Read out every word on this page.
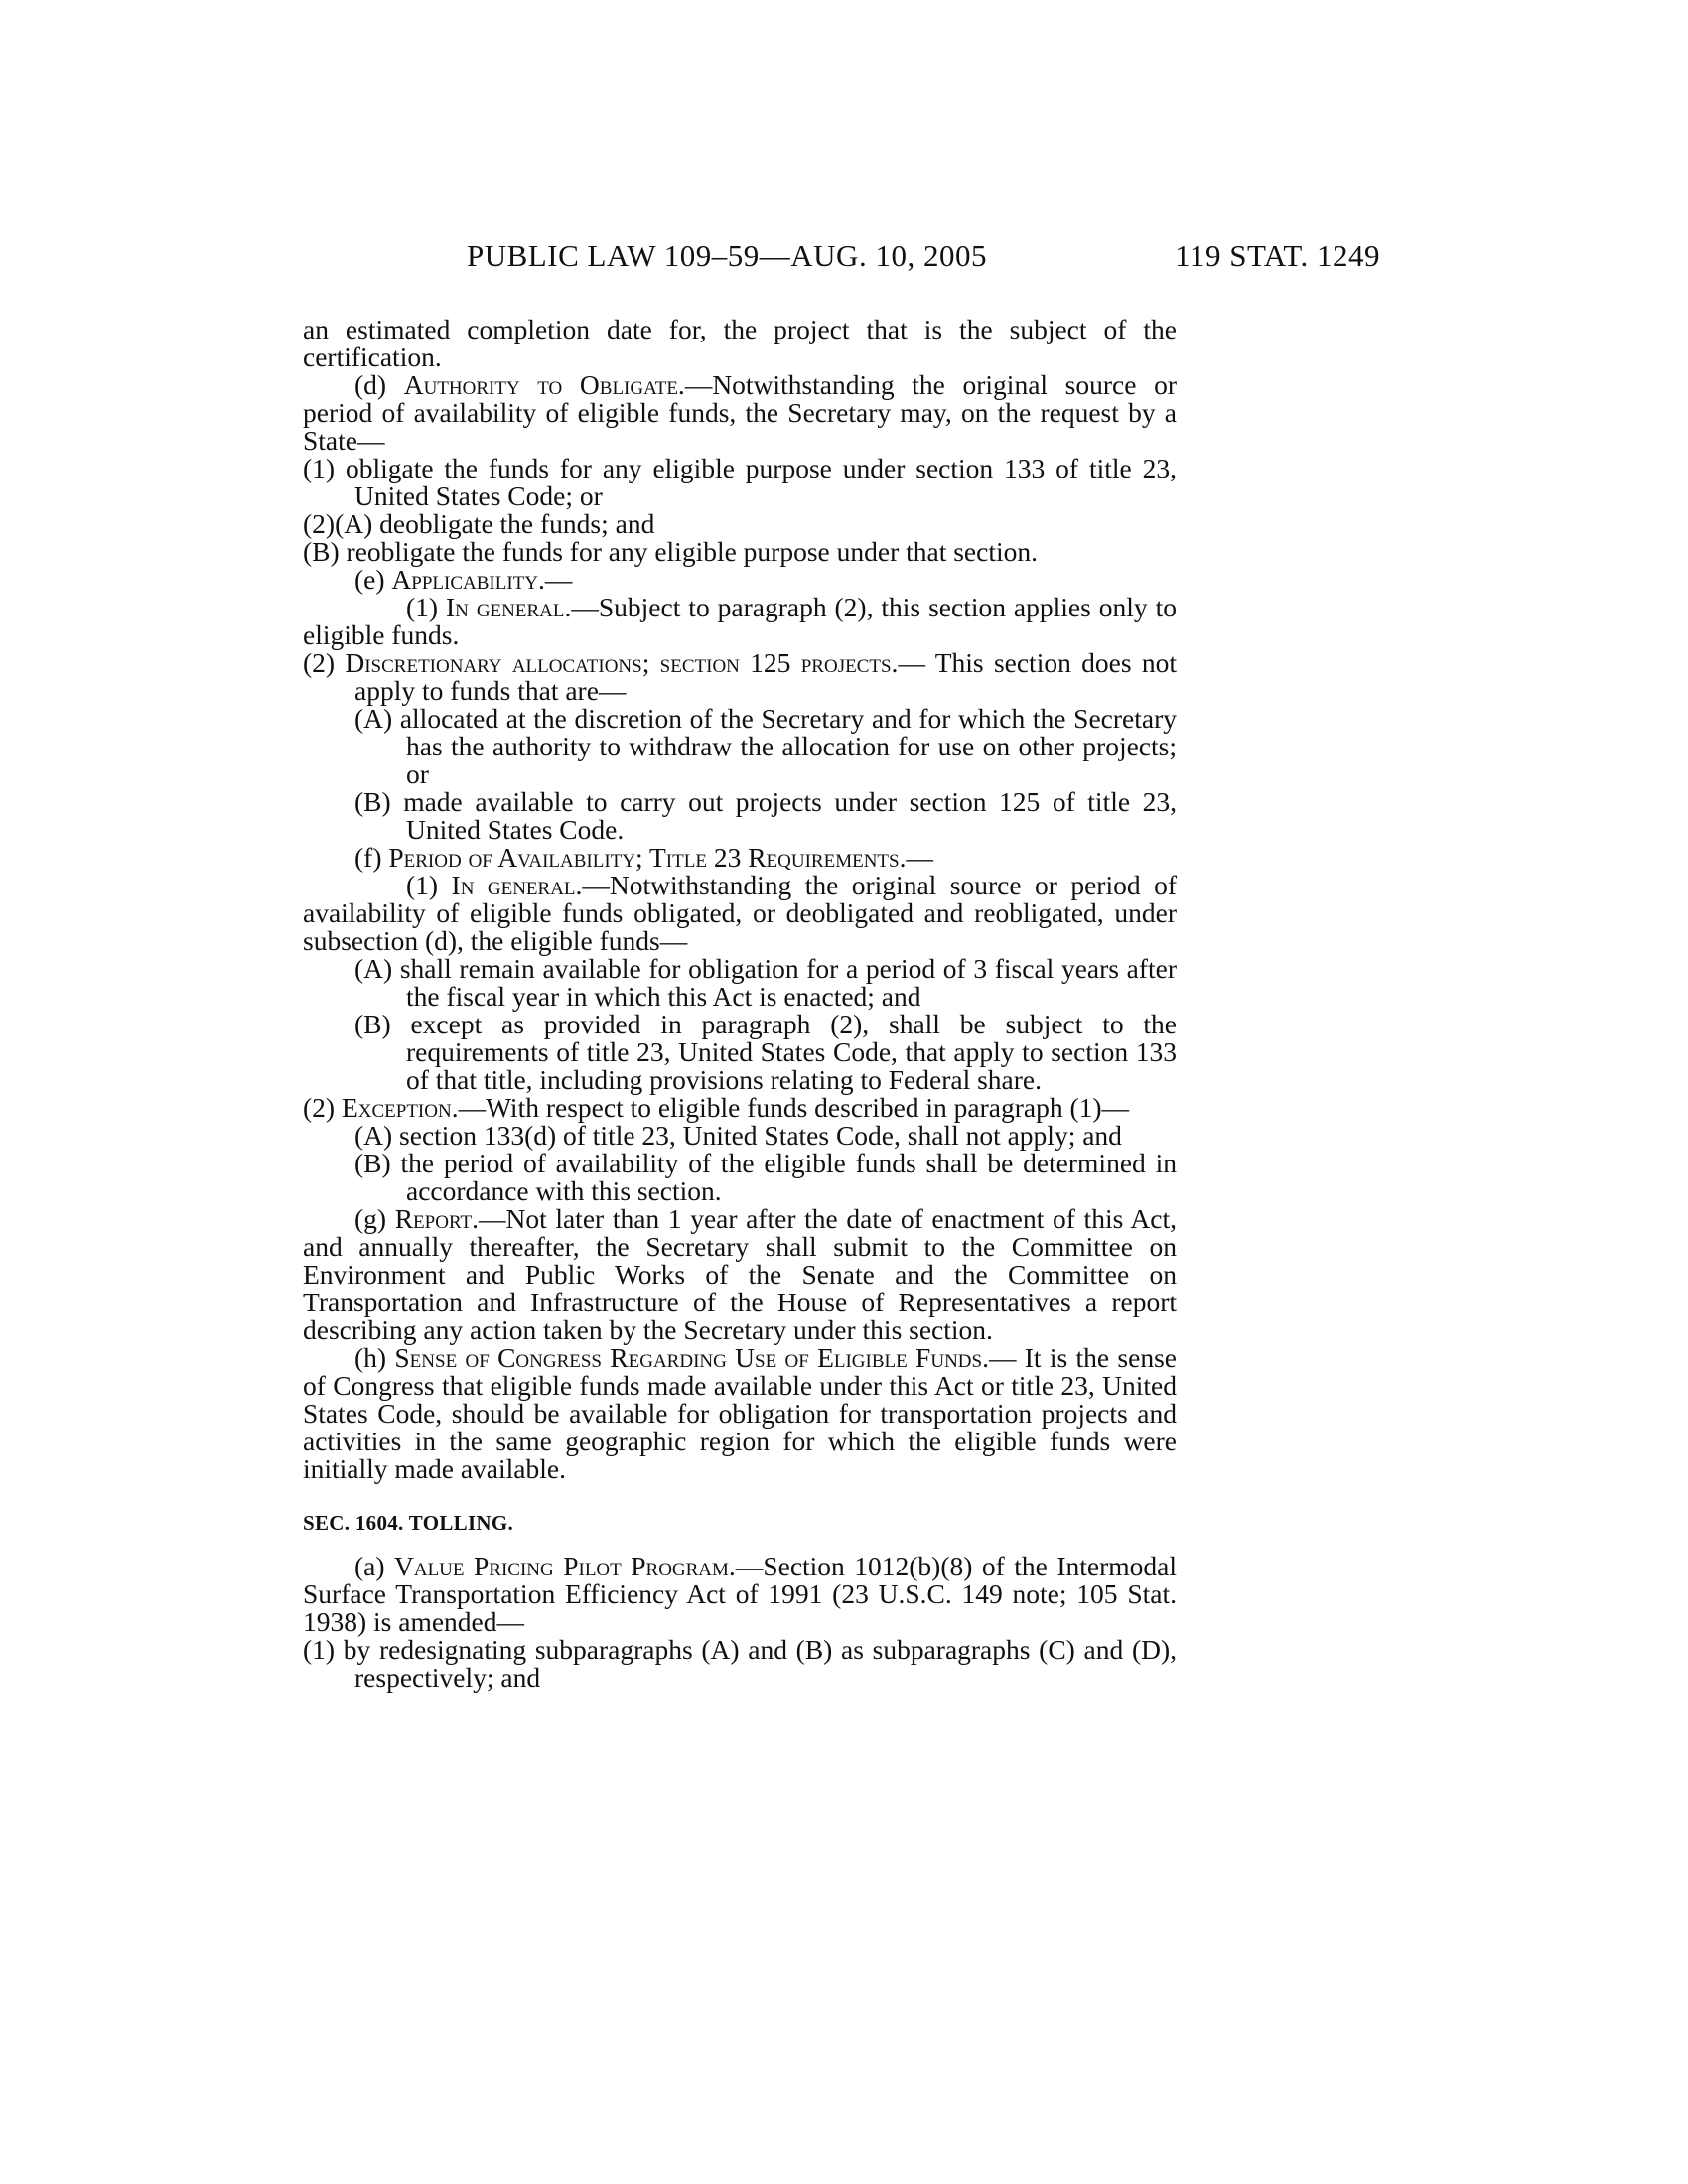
PUBLIC LAW 109–59—AUG. 10, 2005	119 STAT. 1249

an estimated completion date for, the project that is the subject of the certification.

(d) Authority to Obligate.—Notwithstanding the original source or period of availability of eligible funds, the Secretary may, on the request by a State—

(1) obligate the funds for any eligible purpose under section 133 of title 23, United States Code; or

(2)(A) deobligate the funds; and

(B) reobligate the funds for any eligible purpose under that section.

(e) Applicability.—

(1) In general.—Subject to paragraph (2), this section applies only to eligible funds.

(2) Discretionary allocations; section 125 projects.— This section does not apply to funds that are—

(A) allocated at the discretion of the Secretary and for which the Secretary has the authority to withdraw the allocation for use on other projects; or

(B) made available to carry out projects under section 125 of title 23, United States Code.

(f) Period of Availability; Title 23 Requirements.—

(1) In general.—Notwithstanding the original source or period of availability of eligible funds obligated, or deobligated and reobligated, under subsection (d), the eligible funds—

(A) shall remain available for obligation for a period of 3 fiscal years after the fiscal year in which this Act is enacted; and

(B) except as provided in paragraph (2), shall be subject to the requirements of title 23, United States Code, that apply to section 133 of that title, including provisions relating to Federal share.

(2) Exception.—With respect to eligible funds described in paragraph (1)—

(A) section 133(d) of title 23, United States Code, shall not apply; and

(B) the period of availability of the eligible funds shall be determined in accordance with this section.

(g) Report.—Not later than 1 year after the date of enactment of this Act, and annually thereafter, the Secretary shall submit to the Committee on Environment and Public Works of the Senate and the Committee on Transportation and Infrastructure of the House of Representatives a report describing any action taken by the Secretary under this section.

(h) Sense of Congress Regarding Use of Eligible Funds.— It is the sense of Congress that eligible funds made available under this Act or title 23, United States Code, should be available for obligation for transportation projects and activities in the same geographic region for which the eligible funds were initially made available.

SEC. 1604. TOLLING.

(a) Value Pricing Pilot Program.—Section 1012(b)(8) of the Intermodal Surface Transportation Efficiency Act of 1991 (23 U.S.C. 149 note; 105 Stat. 1938) is amended—

(1) by redesignating subparagraphs (A) and (B) as subparagraphs (C) and (D), respectively; and
